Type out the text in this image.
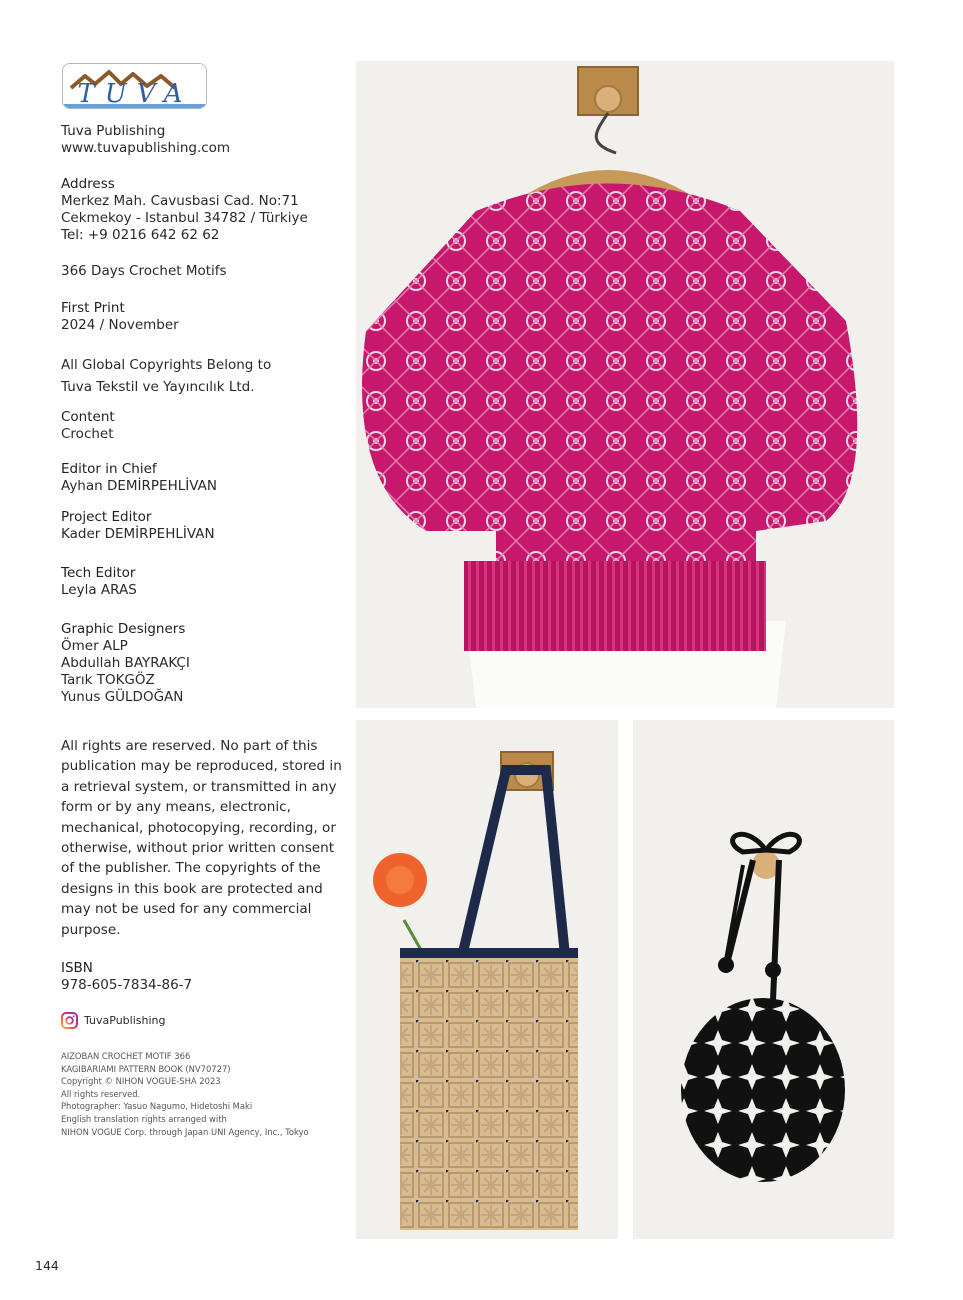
TUVA
Tuva Publishing
www.tuvapublishing.com
Address
Merkez Mah. Cavusbasi Cad. No:71
Cekmekoy - Istanbul 34782 / Türkiye
Tel: +9 0216 642 62 62
366 Days Crochet Motifs
First Print
2024 / November
All Global Copyrights Belong to
Tuva Tekstil ve Yayıncılık Ltd.
Content
Crochet
Editor in Chief
Ayhan DEMİRPEHLİVAN
Project Editor
Kader DEMİRPEHLİVAN
Tech Editor
Leyla ARAS
Graphic Designers
Ömer ALP
Abdullah BAYRAKÇI
Tarık TOKGÖZ
Yunus GÜLDOĞAN
All rights are reserved. No part of this publication may be reproduced, stored in a retrieval system, or transmitted in any form or by any means, electronic, mechanical, photocopying, recording, or otherwise, without prior written consent of the publisher. The copyrights of the designs in this book are protected and may not be used for any commercial purpose.
ISBN
978-605-7834-86-7
TuvaPublishing
AIZOBAN CROCHET MOTIF 366
KAGIBARIAMI PATTERN BOOK (NV70727)
Copyright © NIHON VOGUE-SHA 2023
All rights reserved.
Photographer: Yasuo Nagumo, Hidetoshi Maki
English translation rights arranged with
NIHON VOGUE Corp. through Japan UNI Agency, Inc., Tokyo
144
